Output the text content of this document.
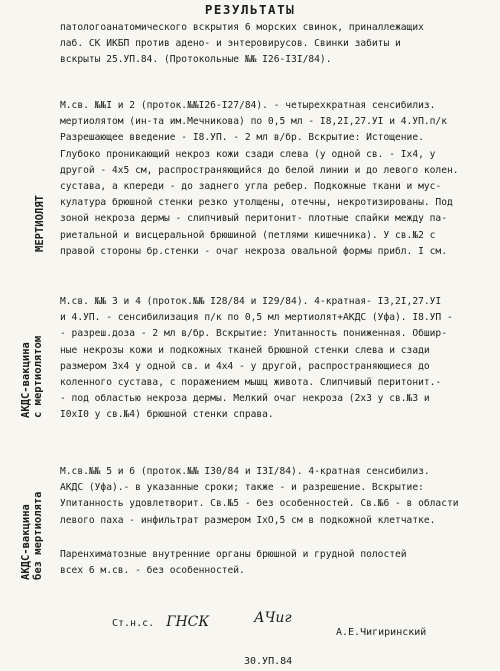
РЕЗУЛЬТАТЫ
патологоанатомического вскрытия 6 морских свинок, приналлежащих
лаб. СК ИКБП против адено- и энтеровирусов. Свинки забиты и
вскрыты 25.УП.84. (Протокольные №№ I26-I3I/84).
М.св. №№I и 2 (проток.№№I26-I27/84). - четырехкратная сенсибилиз.
мертиолятом (ин-та им.Мечникова) по 0,5 мл - I8,2I,27.УI и 4.УП.п/к
Разрешающее введение - I8.УП. - 2 мл в/бр. Вскрытие: Истощение.
Глубоко проникающий некроз кожи сзади слева (у одной св. - Iх4, у
другой - 4х5 см, распространяющийся до белой линии и до левого колен.
сустава, а кпереди - до заднего угла ребер. Подкожные ткани и мус-
кулатура брюшной стенки резко утолщены, отечны, некротизированы. Под
зоной некроза дермы - слипчивый перитонит- плотные спайки между па-
риетальной и висцеральной брюшиной (петлями кишечника). У св.№2 с
правой стороны бр.стенки - очаг некроза овальной формы прибл. I см.
МЕРТИОЛЯТ
М.св. №№ 3 и 4 (проток.№№ I28/84 и I29/84). 4-кратная- I3,2I,27.УI
и 4.УП. - сенсибилизация п/к по 0,5 мл мертиолят+АКДС (Уфа). I8.УП -
- разреш.доза - 2 мл в/бр. Вскрытие: Упитанность пониженная. Обшир-
ные некрозы кожи и подкожных тканей брюшной стенки слева и сзади
размером 3х4 у одной св. и 4х4 - у другой, распространяющиеся до
коленного сустава, с поражением мышц живота. Слипчивый перитонит.-
- под областью некроза дермы. Мелкий очаг некроза (2х3 у св.№3 и
I0хI0 у св.№4) брюшной стенки справа.
АКДС-вакцина с мертиолятом
М.св.№№ 5 и 6 (проток.№№ I30/84 и I3I/84). 4-кратная сенсибилиз.
АКДС (Уфа).- в указанные сроки; также - и разрешение. Вскрытие:
Упитанность удовлетворит. Св.№5 - без особенностей. Св.№6 - в области
левого паха - инфильтрат размером IхО,5 см в подкожной клетчатке.
АКДС-вакцина без мертиолята Паренхиматозные внутренние органы брюшной и грудной полостей
всех 6 м.св. - без особенностей.
Ст.н.с. ГНСК	АЧиг
А.Е.Чигиринский
30.УП.84
